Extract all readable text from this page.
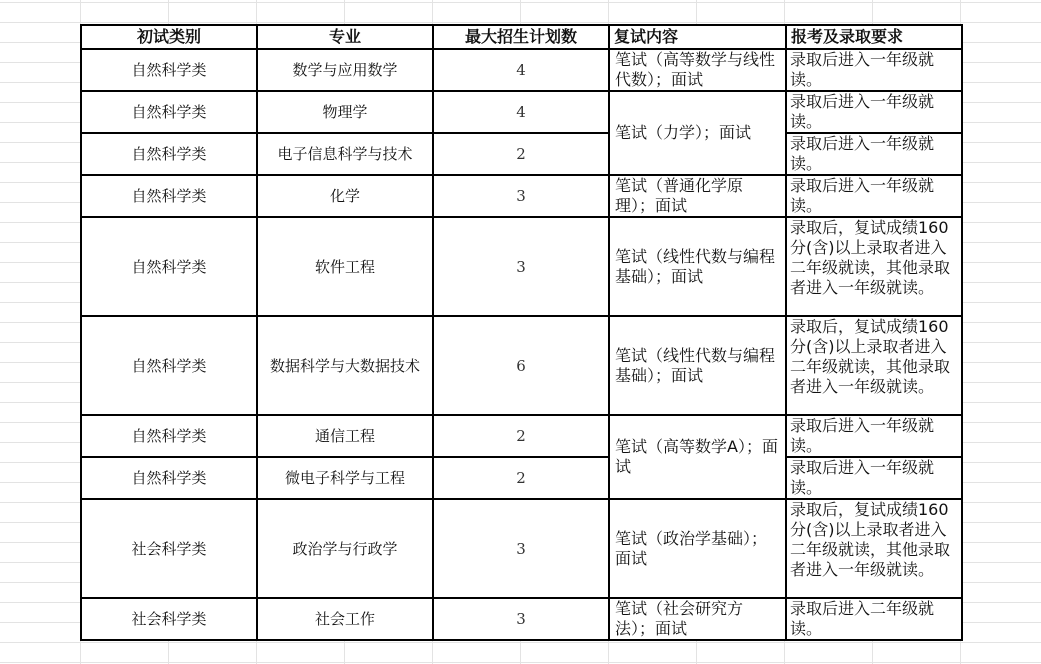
初试类别	专业	最大招生计划数	复试内容	报考及录取要求
自然科学类	数学与应用数学	4	笔试（高等数学与线性代数）；面试	录取后进入一年级就读。
自然科学类	物理学	4	笔试（力学）；面试	录取后进入一年级就读。
自然科学类	电子信息科学与技术	2		录取后进入一年级就读。
自然科学类	化学	3	笔试（普通化学原理）；面试	录取后进入一年级就读。
自然科学类	软件工程	3	笔试（线性代数与编程基础）；面试	录取后，复试成绩160分(含)以上录取者进入二年级就读，其他录取者进入一年级就读。
自然科学类	数据科学与大数据技术	6	笔试（线性代数与编程基础）；面试	录取后，复试成绩160分(含)以上录取者进入二年级就读，其他录取者进入一年级就读。
自然科学类	通信工程	2	笔试（高等数学A）；面试	录取后进入一年级就读。
自然科学类	微电子科学与工程	2		录取后进入一年级就读。
社会科学类	政治学与行政学	3	笔试（政治学基础）；面试	录取后，复试成绩160分(含)以上录取者进入二年级就读，其他录取者进入一年级就读。
社会科学类	社会工作	3	笔试（社会研究方法）；面试	录取后进入二年级就读。
